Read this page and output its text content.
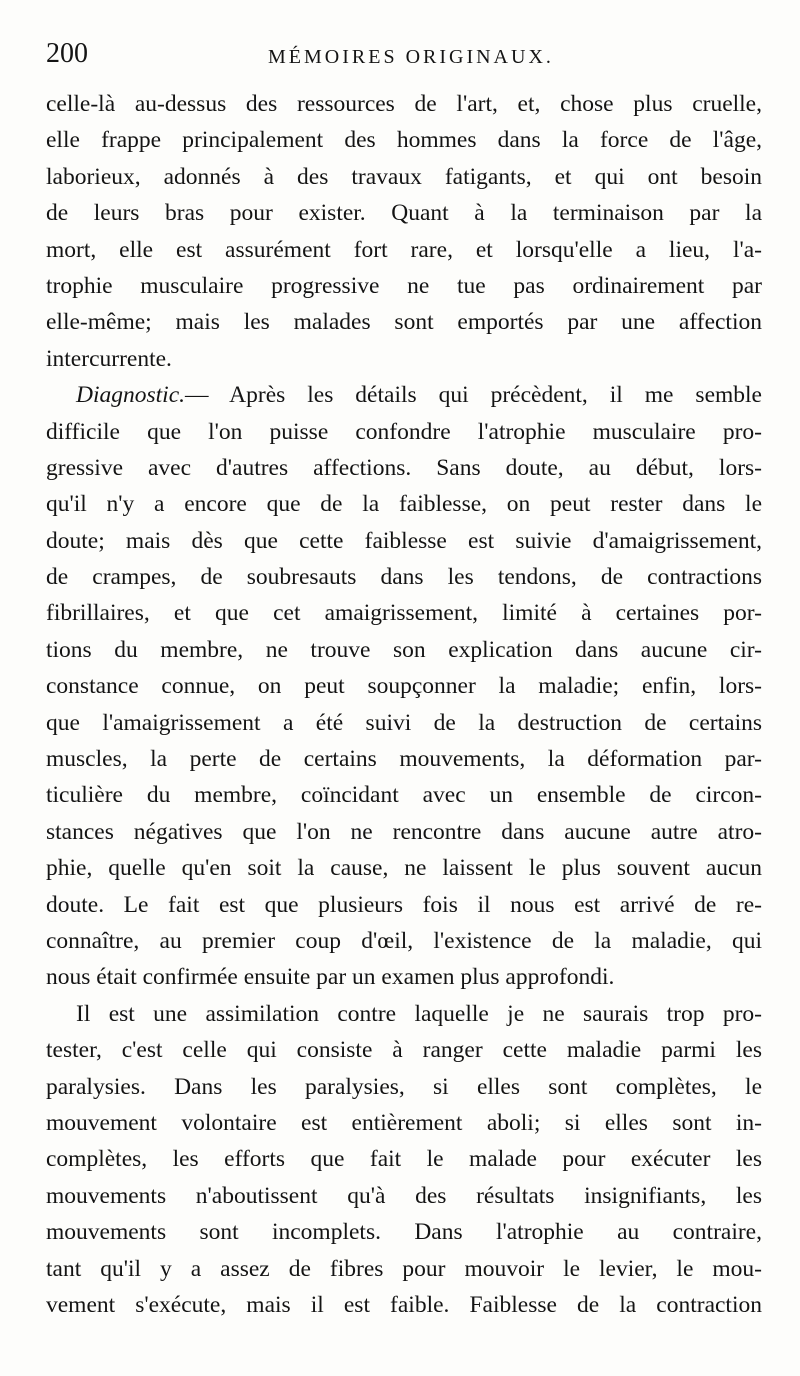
200	MÉMOIRES ORIGINAUX.
celle-là au-dessus des ressources de l'art, et, chose plus cruelle,
elle frappe principalement des hommes dans la force de l'âge,
laborieux, adonnés à des travaux fatigants, et qui ont besoin
de leurs bras pour exister. Quant à la terminaison par la
mort, elle est assurément fort rare, et lorsqu'elle a lieu, l'a-
trophie musculaire progressive ne tue pas ordinairement par
elle-même; mais les malades sont emportés par une affection
intercurrente.
Diagnostic.— Après les détails qui précèdent, il me semble
difficile que l'on puisse confondre l'atrophie musculaire pro-
gressive avec d'autres affections. Sans doute, au début, lors-
qu'il n'y a encore que de la faiblesse, on peut rester dans le
doute; mais dès que cette faiblesse est suivie d'amaigrissement,
de crampes, de soubresauts dans les tendons, de contractions
fibrillaires, et que cet amaigrissement, limité à certaines por-
tions du membre, ne trouve son explication dans aucune cir-
constance connue, on peut soupçonner la maladie; enfin, lors-
que l'amaigrissement a été suivi de la destruction de certains
muscles, la perte de certains mouvements, la déformation par-
ticulière du membre, coïncidant avec un ensemble de circon-
stances négatives que l'on ne rencontre dans aucune autre atro-
phie, quelle qu'en soit la cause, ne laissent le plus souvent aucun
doute. Le fait est que plusieurs fois il nous est arrivé de re-
connaître, au premier coup d'œil, l'existence de la maladie, qui
nous était confirmée ensuite par un examen plus approfondi.
Il est une assimilation contre laquelle je ne saurais trop pro-
tester, c'est celle qui consiste à ranger cette maladie parmi les
paralysies. Dans les paralysies, si elles sont complètes, le
mouvement volontaire est entièrement aboli; si elles sont in-
complètes, les efforts que fait le malade pour exécuter les
mouvements n'aboutissent qu'à des résultats insignifiants, les
mouvements sont incomplets. Dans l'atrophie au contraire,
tant qu'il y a assez de fibres pour mouvoir le levier, le mou-
vement s'exécute, mais il est faible. Faiblesse de la contraction
